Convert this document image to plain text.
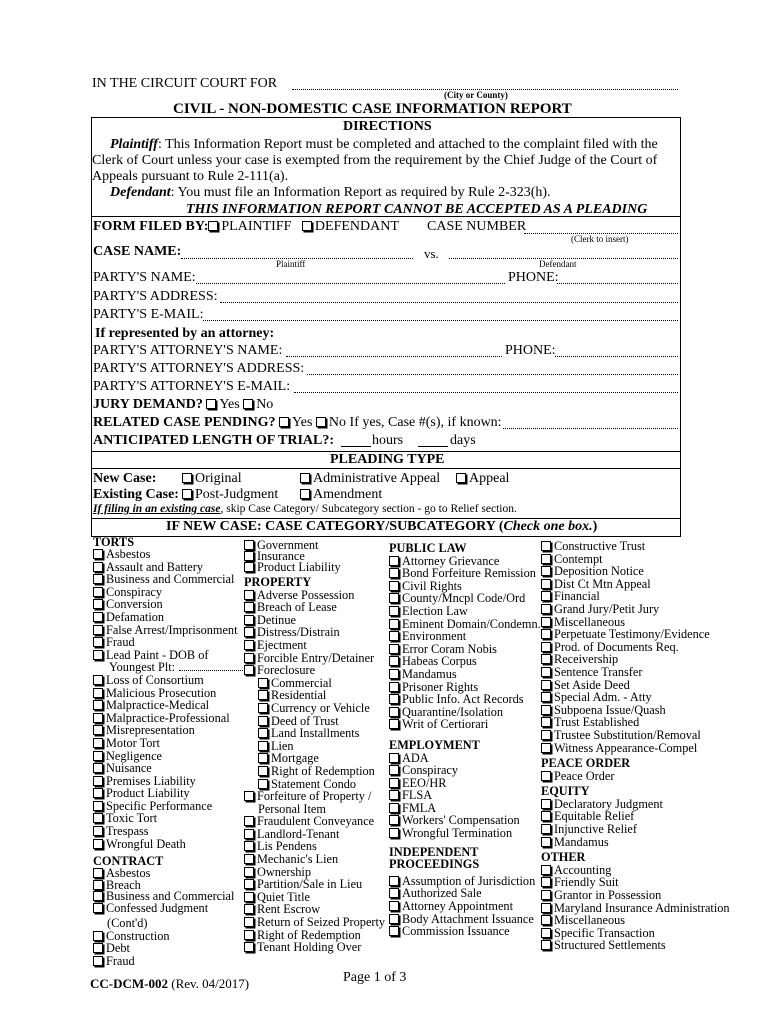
IN THE CIRCUIT COURT FOR
(City or County)
CIVIL - NON-DOMESTIC CASE INFORMATION REPORT
DIRECTIONS
Plaintiff: This Information Report must be completed and attached to the complaint filed with the
Clerk of Court unless your case is exempted from the requirement by the Chief Judge of the Court of
Appeals pursuant to Rule 2-111(a).
Defendant: You must file an Information Report as required by Rule 2-323(h).
THIS INFORMATION REPORT CANNOT BE ACCEPTED AS A PLEADING
FORM FILED BY: PLAINTIFF DEFENDANT CASE NUMBER
(Clerk to insert)
CASE NAME:
Plaintiff
vs.
Defendant
PARTY'S NAME:	PHONE:
PARTY'S ADDRESS:
PARTY'S E-MAIL:
If represented by an attorney:
PARTY'S ATTORNEY'S NAME:	PHONE:
PARTY'S ATTORNEY'S ADDRESS:
PARTY'S ATTORNEY'S E-MAIL:
JURY DEMAND? Yes No
RELATED CASE PENDING? Yes No If yes, Case #(s), if known:
ANTICIPATED LENGTH OF TRIAL?:	hours	days
PLEADING TYPE
New Case:	Original	Administrative Appeal	Appeal
Existing Case:	Post-Judgment	Amendment
If filing in an existing case, skip Case Category/ Subcategory section - go to Relief section.
IF NEW CASE: CASE CATEGORY/SUBCATEGORY (Check one box.)
TORTS
Asbestos
Assault and Battery
Business and Commercial
Conspiracy
Conversion
Defamation
False Arrest/Imprisonment
Fraud
Lead Paint - DOB of
Youngest Plt:
Loss of Consortium
Malicious Prosecution
Malpractice-Medical
Malpractice-Professional
Misrepresentation
Motor Tort
Negligence
Nuisance
Premises Liability
Product Liability
Specific Performance
Toxic Tort
Trespass
Wrongful Death
CONTRACT
Asbestos
Breach
Business and Commercial
Confessed Judgment
(Cont'd)
Construction
Debt
Fraud
Government
Insurance
Product Liability
PROPERTY
Adverse Possession
Breach of Lease
Detinue
Distress/Distrain
Ejectment
Forcible Entry/Detainer
Foreclosure
Commercial
Residential
Currency or Vehicle
Deed of Trust
Land Installments
Lien
Mortgage
Right of Redemption
Statement Condo
Forfeiture of Property /
Personal Item
Fraudulent Conveyance
Landlord-Tenant
Lis Pendens
Mechanic's Lien
Ownership
Partition/Sale in Lieu
Quiet Title
Rent Escrow
Return of Seized Property
Right of Redemption
Tenant Holding Over
PUBLIC LAW
Attorney Grievance
Bond Forfeiture Remission
Civil Rights
County/Mncpl Code/Ord
Election Law
Eminent Domain/Condemn.
Environment
Error Coram Nobis
Habeas Corpus
Mandamus
Prisoner Rights
Public Info. Act Records
Quarantine/Isolation
Writ of Certiorari
EMPLOYMENT
ADA
Conspiracy
EEO/HR
FLSA
FMLA
Workers' Compensation
Wrongful Termination
INDEPENDENT
PROCEEDINGS
Assumption of Jurisdiction
Authorized Sale
Attorney Appointment
Body Attachment Issuance
Commission Issuance
Constructive Trust
Contempt
Deposition Notice
Dist Ct Mtn Appeal
Financial
Grand Jury/Petit Jury
Miscellaneous
Perpetuate Testimony/Evidence
Prod. of Documents Req.
Receivership
Sentence Transfer
Set Aside Deed
Special Adm. - Atty
Subpoena Issue/Quash
Trust Established
Trustee Substitution/Removal
Witness Appearance-Compel
PEACE ORDER
Peace Order
EQUITY
Declaratory Judgment
Equitable Relief
Injunctive Relief
Mandamus
OTHER
Accounting
Friendly Suit
Grantor in Possession
Maryland Insurance Administration
Miscellaneous
Specific Transaction
Structured Settlements
CC-DCM-002 (Rev. 04/2017)	Page 1 of 3
